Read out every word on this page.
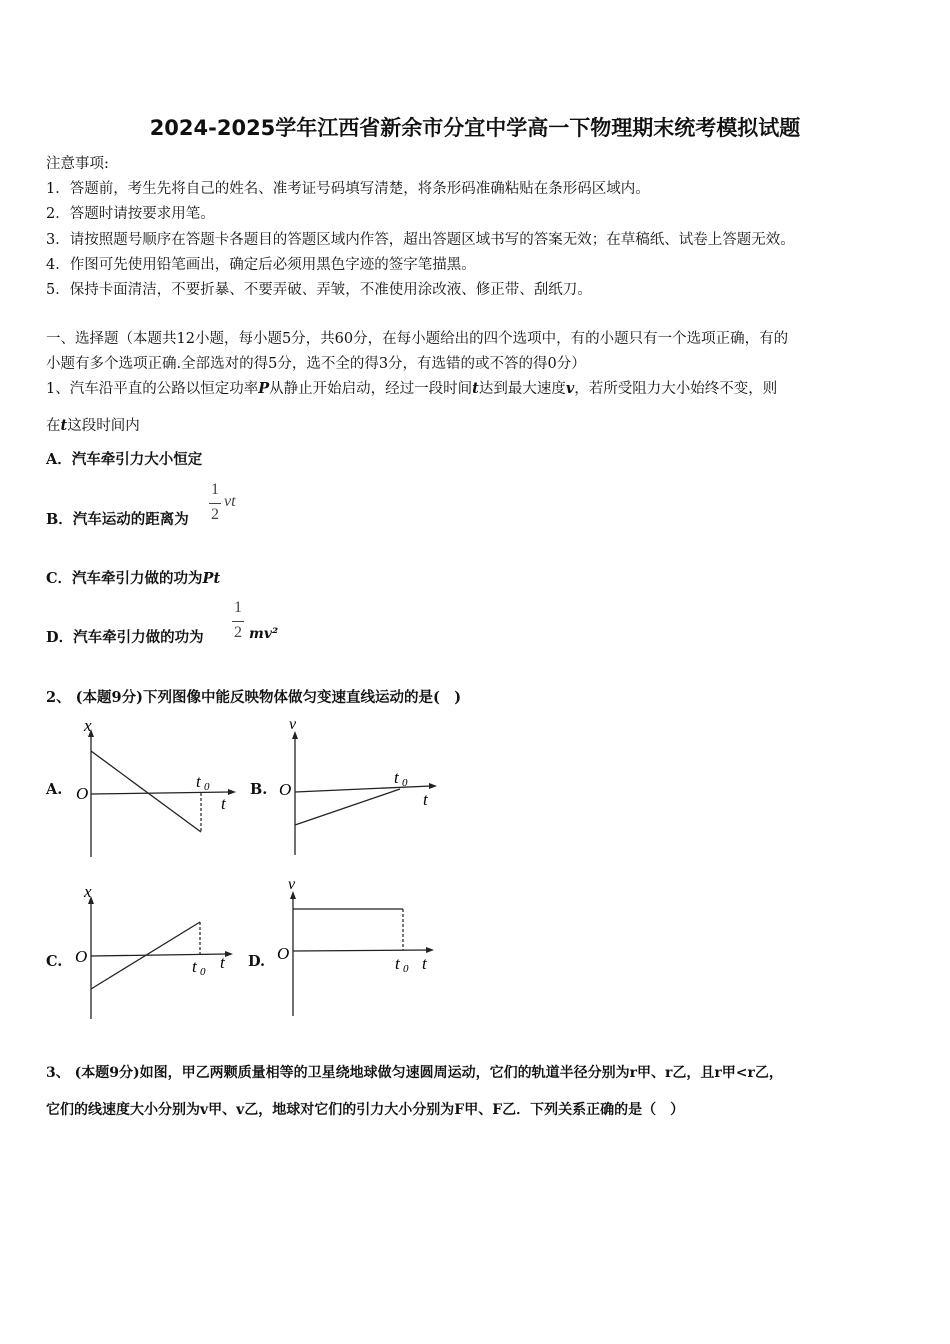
2024-2025学年江西省新余市分宜中学高一下物理期末统考模拟试题
注意事项:
1．答题前，考生先将自己的姓名、准考证号码填写清楚，将条形码准确粘贴在条形码区域内。
2．答题时请按要求用笔。
3．请按照题号顺序在答题卡各题目的答题区域内作答，超出答题区域书写的答案无效；在草稿纸、试卷上答题无效。
4．作图可先使用铅笔画出，确定后必须用黑色字迹的签字笔描黑。
5．保持卡面清洁，不要折暴、不要弄破、弄皱，不准使用涂改液、修正带、刮纸刀。
一、选择题（本题共12小题，每小题5分，共60分，在每小题给出的四个选项中，有的小题只有一个选项正确，有的
小题有多个选项正确.全部选对的得5分，选不全的得3分，有选错的或不答的得0分）
1、汽车沿平直的公路以恒定功率P从静止开始启动，经过一段时间t达到最大速度v，若所受阻力大小始终不变，则
在t这段时间内
A．汽车牵引力大小恒定
B．汽车运动的距离为
1
2
vt
C．汽车牵引力做的功为Pt
D．汽车牵引力做的功为
1
2 mv²
2、 (本题9分)下列图像中能反映物体做匀变速直线运动的是(　)
A.
x
O
t
t 0	B.
v
O
t
t 0
C.
x
O	t
t 0
D.
v
O
t
t 0
3、 (本题9分)如图，甲乙两颗质量相等的卫星绕地球做匀速圆周运动，它们的轨道半径分别为r甲、r乙，且r甲<r乙，
它们的线速度大小分别为v甲、v乙，地球对它们的引力大小分别为F甲、F乙．下列关系正确的是（　）
